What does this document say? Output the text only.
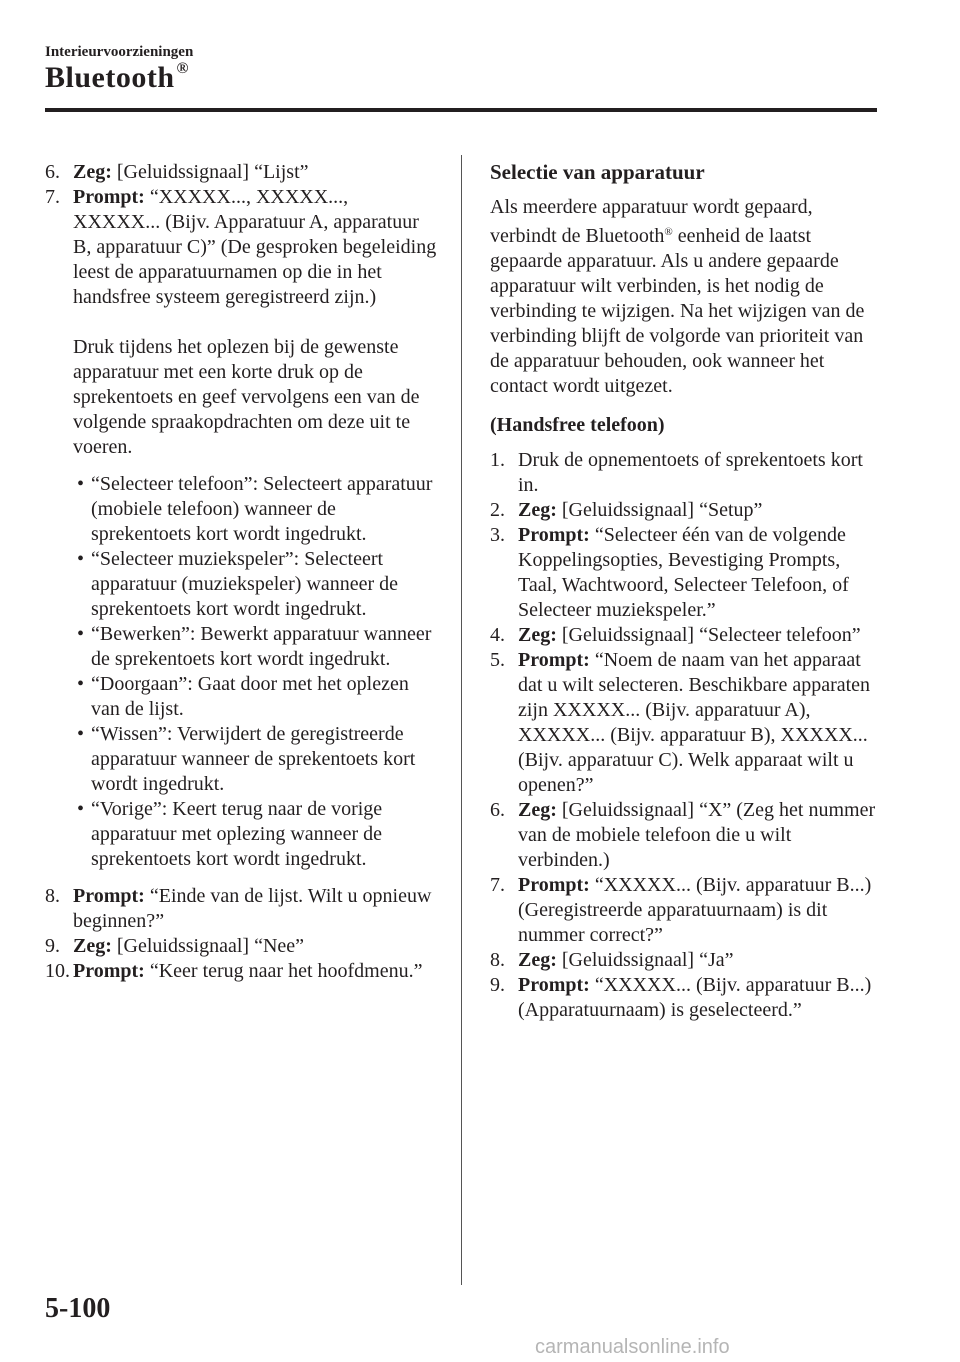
Interieurvoorzieningen
Bluetooth ®
6. Zeg: [Geluidssignaal] “Lijst”
7. Prompt: “XXXXX..., XXXXX..., XXXXX... (Bijv. Apparatuur A, apparatuur B, apparatuur C)” (De gesproken begeleiding leest de apparatuurnamen op die in het handsfree systeem geregistreerd zijn.)
Druk tijdens het oplezen bij de gewenste apparatuur met een korte druk op de sprekentoets en geef vervolgens een van de volgende spraakopdrachten om deze uit te voeren.
• “Selecteer telefoon”: Selecteert apparatuur (mobiele telefoon) wanneer de sprekentoets kort wordt ingedrukt.
• “Selecteer muziekspeler”: Selecteert apparatuur (muziekspeler) wanneer de sprekentoets kort wordt ingedrukt.
• “Bewerken”: Bewerkt apparatuur wanneer de sprekentoets kort wordt ingedrukt.
• “Doorgaan”: Gaat door met het oplezen van de lijst.
• “Wissen”: Verwijdert de geregistreerde apparatuur wanneer de sprekentoets kort wordt ingedrukt.
• “Vorige”: Keert terug naar de vorige apparatuur met oplezing wanneer de sprekentoets kort wordt ingedrukt.
8. Prompt: “Einde van de lijst. Wilt u opnieuw beginnen?”
9. Zeg: [Geluidssignaal] “Nee”
10. Prompt: “Keer terug naar het hoofdmenu.”
Selectie van apparatuur
Als meerdere apparatuur wordt gepaard, verbindt de Bluetooth® eenheid de laatst gepaarde apparatuur. Als u andere gepaarde apparatuur wilt verbinden, is het nodig de verbinding te wijzigen. Na het wijzigen van de verbinding blijft de volgorde van prioriteit van de apparatuur behouden, ook wanneer het contact wordt uitgezet.
(Handsfree telefoon)
1. Druk de opnementoets of sprekentoets kort in.
2. Zeg: [Geluidssignaal] “Setup”
3. Prompt: “Selecteer één van de volgende Koppelingsopties, Bevestiging Prompts, Taal, Wachtwoord, Selecteer Telefoon, of Selecteer muziekspeler.”
4. Zeg: [Geluidssignaal] “Selecteer telefoon”
5. Prompt: “Noem de naam van het apparaat dat u wilt selecteren. Beschikbare apparaten zijn XXXXX... (Bijv. apparatuur A), XXXXX... (Bijv. apparatuur B), XXXXX... (Bijv. apparatuur C). Welk apparaat wilt u openen?”
6. Zeg: [Geluidssignaal] “X” (Zeg het nummer van de mobiele telefoon die u wilt verbinden.)
7. Prompt: “XXXXX... (Bijv. apparatuur B...) (Geregistreerde apparatuurnaam) is dit nummer correct?”
8. Zeg: [Geluidssignaal] “Ja”
9. Prompt: “XXXXX... (Bijv. apparatuur B...) (Apparatuurnaam) is geselecteerd.”
5-100
carmanualsonline.info
